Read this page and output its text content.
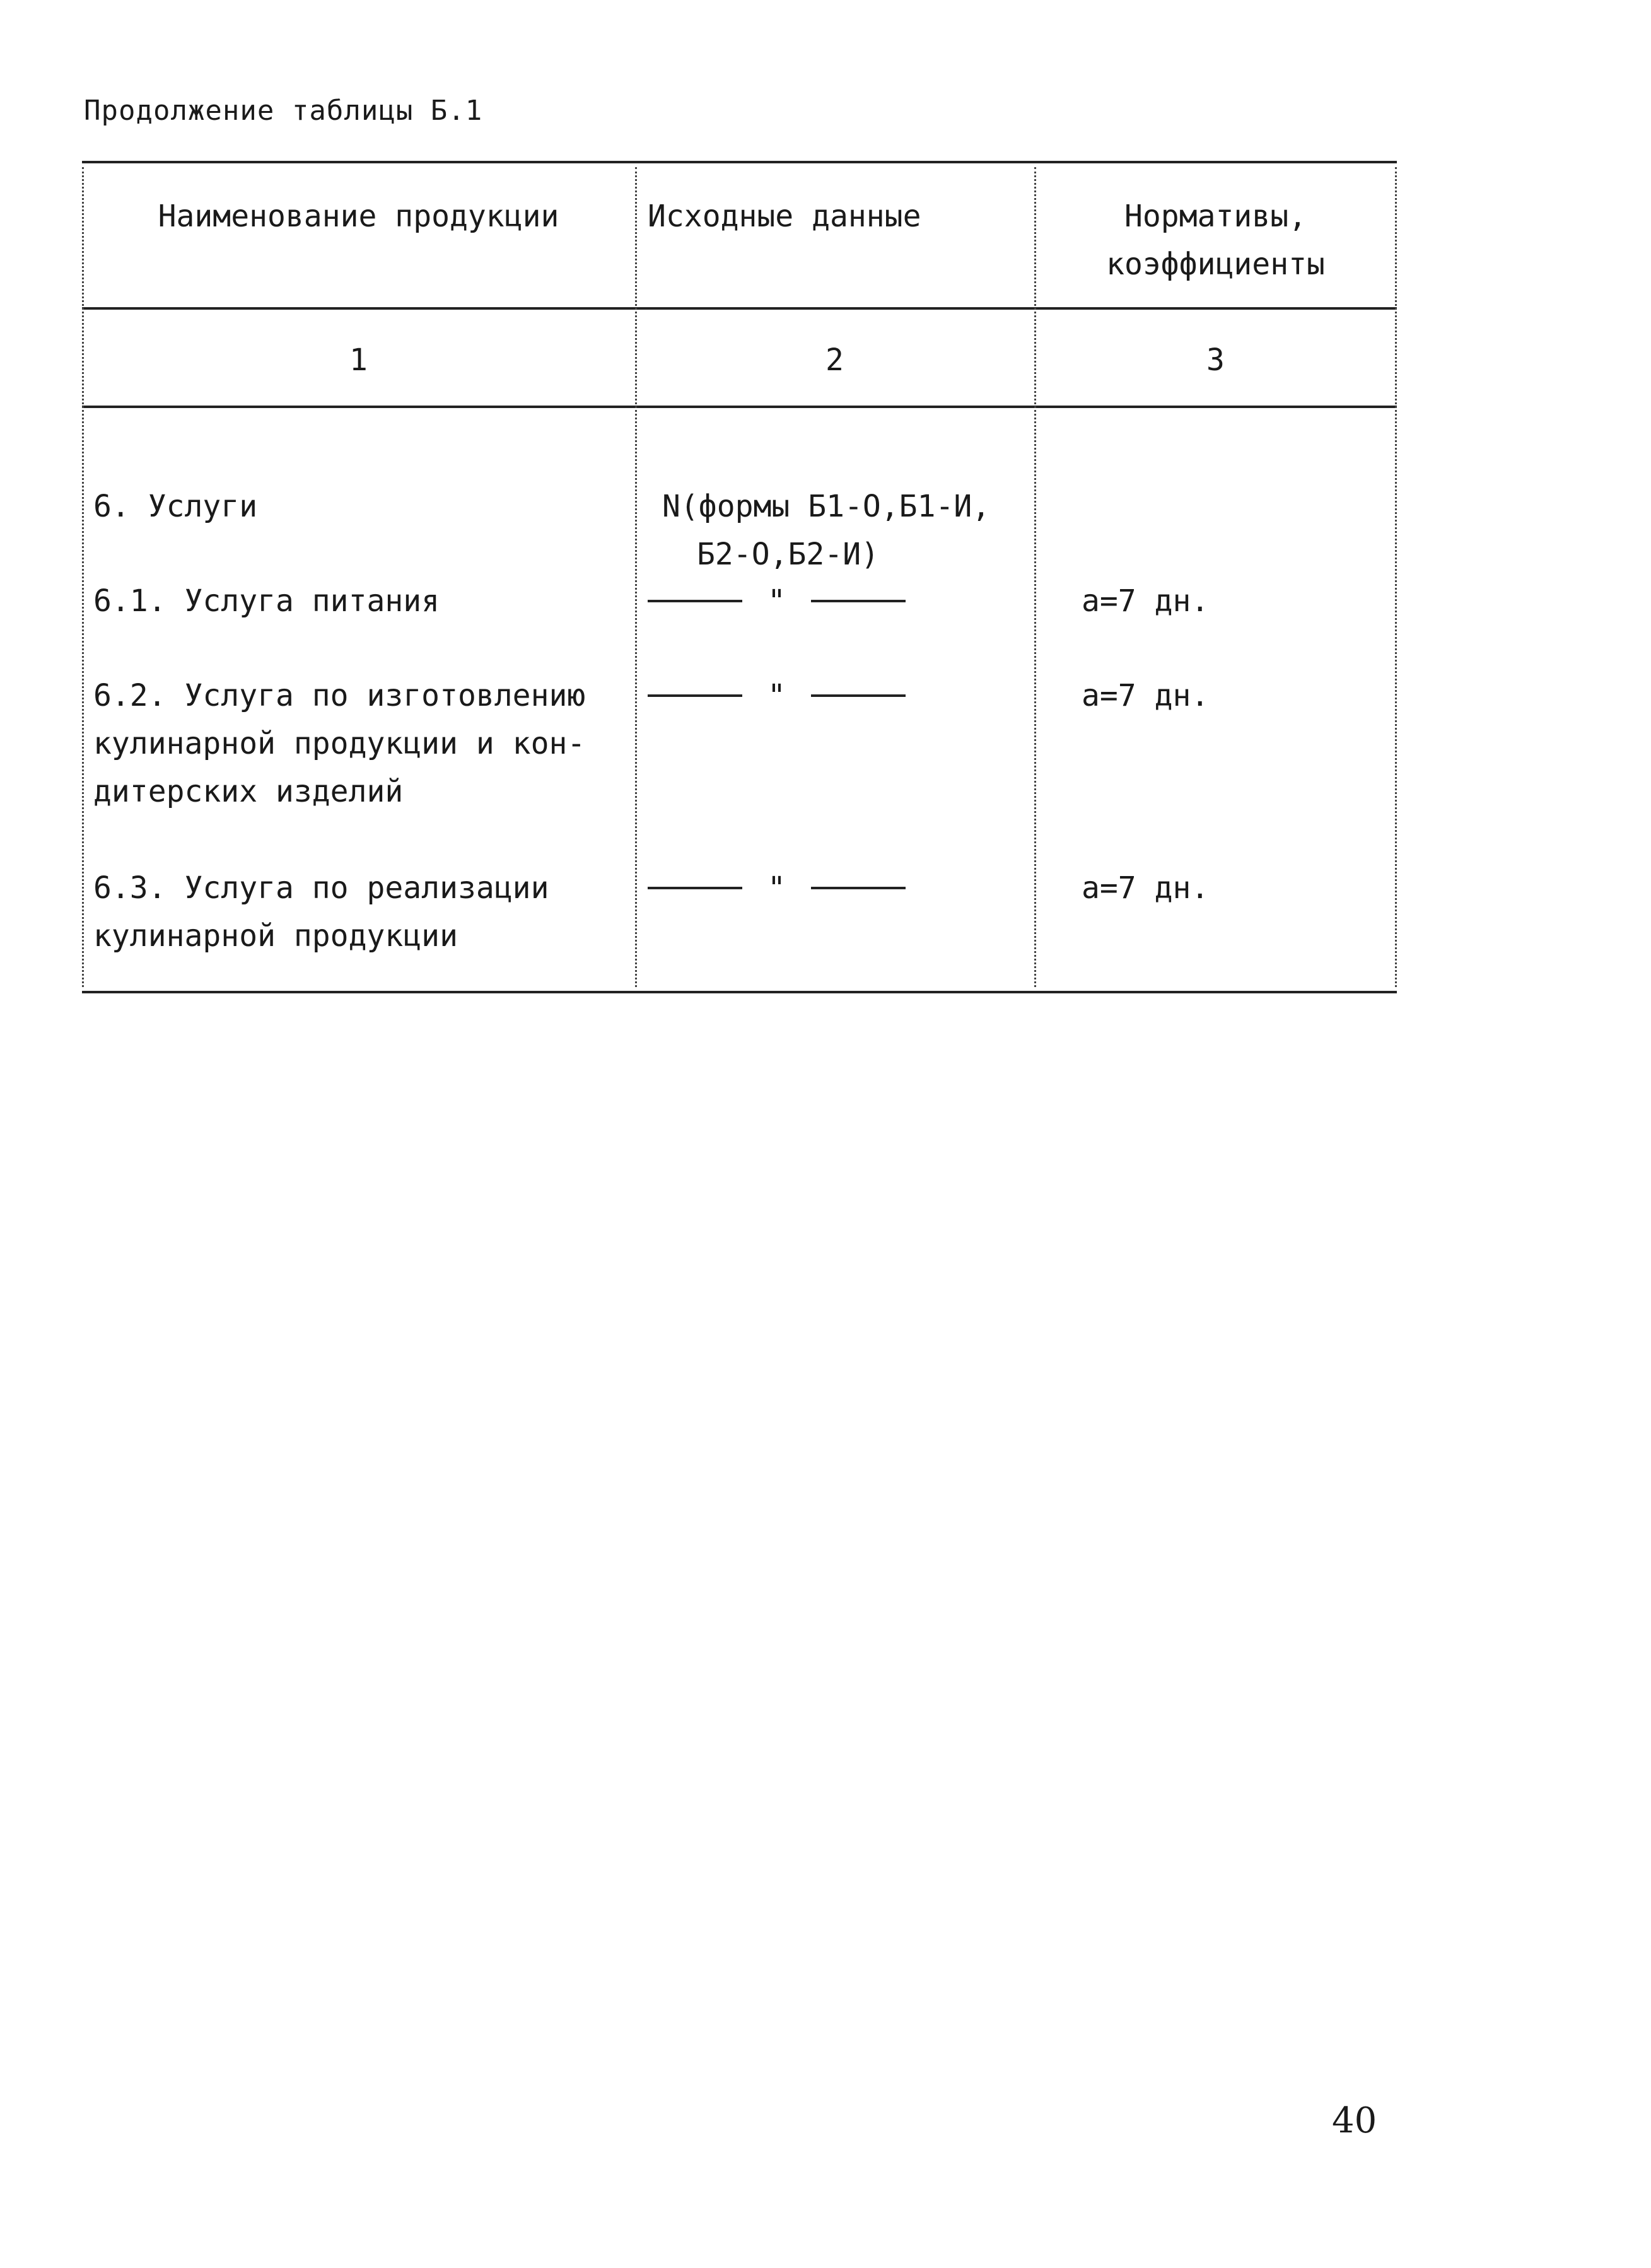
Продолжение таблицы Б.1
Наименование продукции	Исходные данные	Нормативы,
коэффициенты
1	2	3
6. Услуги	N(формы Б1-О,Б1-И,
Б2-О,Б2-И)
6.1. Услуга питания	"	a=7 дн.
6.2. Услуга по изготовлению
кулинарной продукции и кон-
дитерских изделий
"	a=7 дн.
6.3. Услуга по реализации
кулинарной продукции
"	a=7 дн.
40
